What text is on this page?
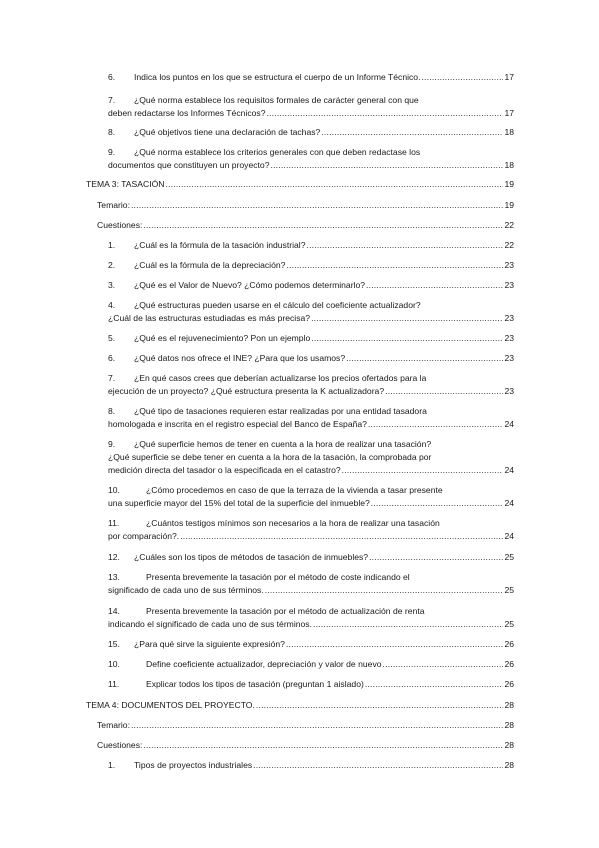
6.	Indica los puntos en los que se estructura el cuerpo de un Informe Técnico. .....	17
7.	¿Qué norma establece los requisitos formales de carácter general con que
deben redactarse los Informes Técnicos? .....	17
8.	¿Qué objetivos tiene una declaración de tachas? .....	18
9.	¿Qué norma establece los criterios generales con que deben redactase los
documentos que constituyen un proyecto? .....	18
TEMA 3: TASACIÓN .....	19
Temario: .....	19
Cuestiones: .....	22
1.	¿Cuál es la fórmula de la tasación industrial? .....	22
2.	¿Cuál es la fórmula de la depreciación? .....	23
3.	¿Qué es el Valor de Nuevo? ¿Cómo podemos determinarlo? .....	23
4.	¿Qué estructuras pueden usarse en el cálculo del coeficiente actualizador?
¿Cuál de las estructuras estudiadas es más precisa? .....	23
5.	¿Qué es el rejuvenecimiento? Pon un ejemplo .....	23
6.	¿Qué datos nos ofrece el INE? ¿Para que los usamos? .....	23
7.	¿En qué casos crees que deberían actualizarse los precios ofertados para la
ejecución de un proyecto? ¿Qué estructura presenta la K actualizadora? .....	23
8.	¿Qué tipo de tasaciones requieren estar realizadas por una entidad tasadora
homologada e inscrita en el registro especial del Banco de España? .....	24
9.	¿Qué superficie hemos de tener en cuenta a la hora de realizar una tasación?
¿Qué superficie se debe tener en cuenta a la hora de la tasación, la comprobada por
medición directa del tasador o la especificada en el catastro? .....	24
10.	¿Cómo procedemos en caso de que la terraza de la vivienda a tasar presente
una superficie mayor del 15% del total de la superficie del inmueble? .....	24
11.	¿Cuántos testigos mínimos son necesarios a la hora de realizar una tasación
por comparación?. .....	24
12.	¿Cuáles son los tipos de métodos de tasación de inmuebles? .....	25
13.	Presenta brevemente la tasación por el método de coste indicando el
significado de cada uno de sus términos. .....	25
14.	Presenta brevemente la tasación por el método de actualización de renta
indicando el significado de cada uno de sus términos. .....	25
15.	¿Para qué sirve la siguiente expresión? .....	26
10.	Define coeficiente actualizador, depreciación y valor de nuevo .....	26
11.	Explicar todos los tipos de tasación (preguntan 1 aislado) .....	26
TEMA 4: DOCUMENTOS DEL PROYECTO. .....	28
Temario: .....	28
Cuestiones: .....	28
1.	Tipos de proyectos industriales .....	28
